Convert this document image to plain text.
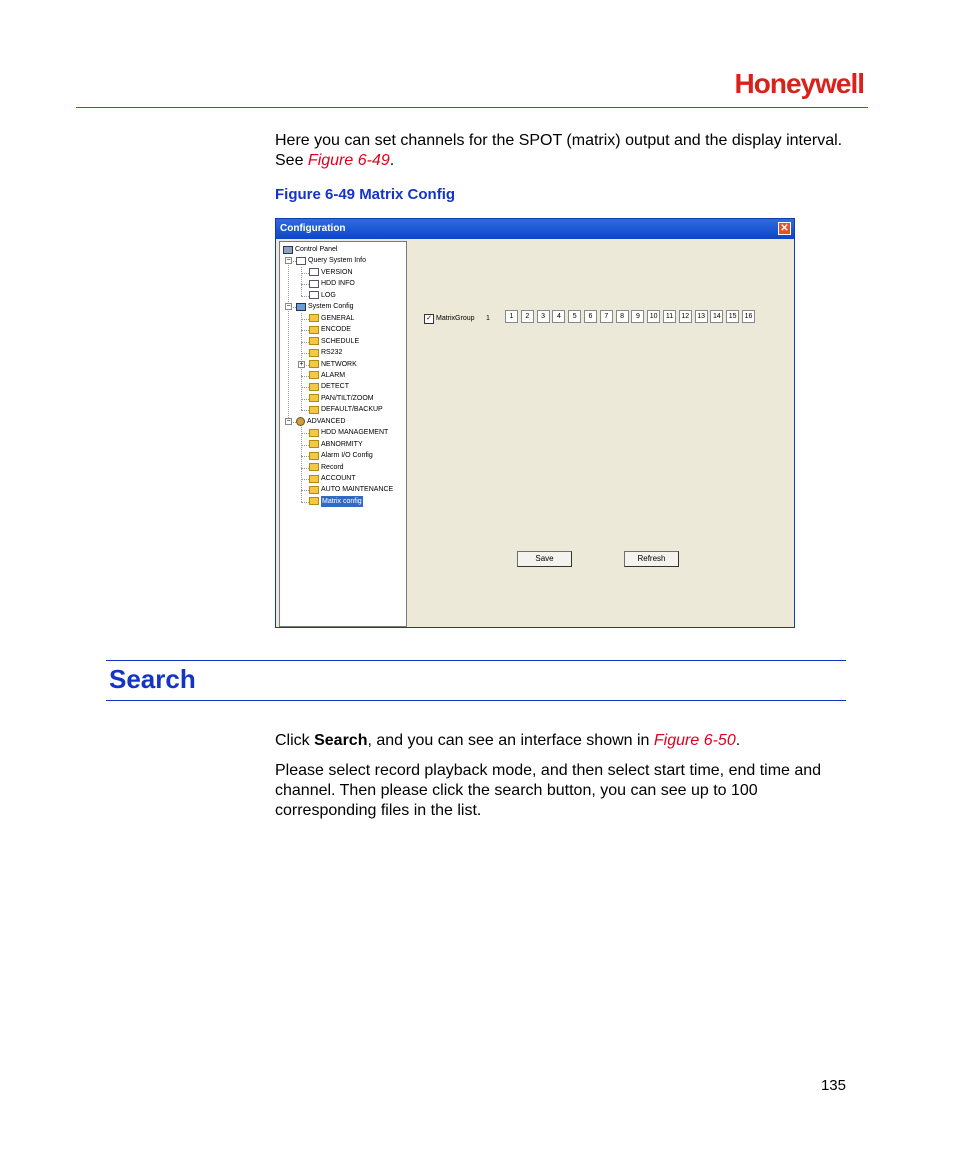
Honeywell
Here you can set channels for the SPOT (matrix) output and the display interval. See Figure 6-49.
Figure 6-49 Matrix Config
Configuration	✕
Control Panel
− Query System Info
VERSION
HDD INFO
LOG
− System Config
GENERAL
ENCODE
SCHEDULE
RS232
+ NETWORK
ALARM
DETECT
PAN/TILT/ZOOM
DEFAULT/BACKUP
− ADVANCED
HDD MANAGEMENT
ABNORMITY
Alarm I/O Config
Record
ACCOUNT
AUTO MAINTENANCE
Matrix config
✓ MatrixGroup 1
Save	Refresh
1	2	3	4	5	6	7	8	9	10	11	12	13	14	15	16
Search
Click Search, and you can see an interface shown in Figure 6-50.
Please select record playback mode, and then select start time, end time and channel. Then please click the search button, you can see up to 100 corresponding files in the list.
135
